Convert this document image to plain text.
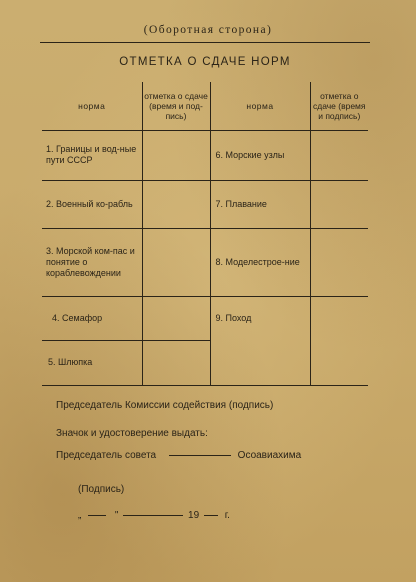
(Оборотная сторона)
ОТМЕТКА О СДАЧЕ НОРМ
норма	отметка о сдаче (время и под-пись)	норма	отметка о сдаче (время и подпись)
1. Границы и вод-ные пути СССР		6. Морские узлы	
2. Военный ко-рабль		7. Плавание	
3. Морской ком-пас и понятие о кораблевождении		8. Моделестрое-ние	
4. Семафор		9. Поход	
5. Шлюпка			
Председатель Комиссии содействия (подпись)
Значок и удостоверение выдать:
Председатель совета	Осоавиахима
(Подпись)
„	"	19	г.
